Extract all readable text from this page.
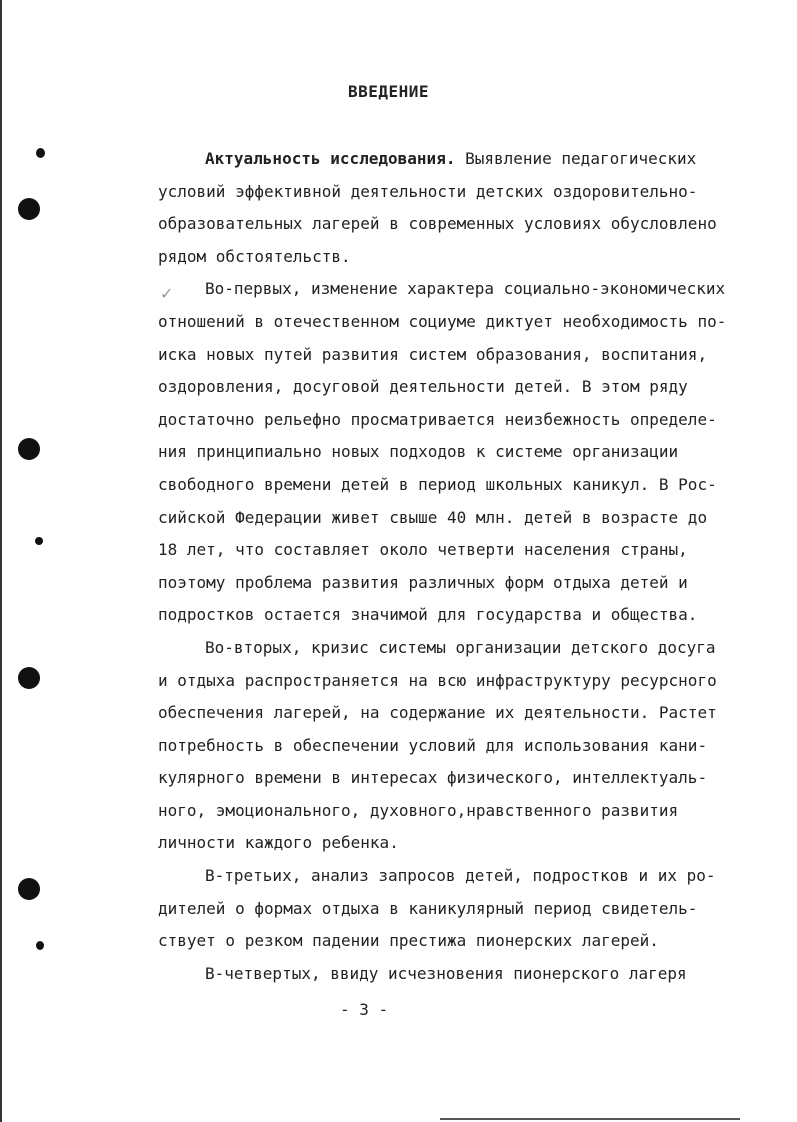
ВВЕДЕНИЕ
✓
Актуальность исследования. Выявление педагогических
условий эффективной деятельности детских оздоровительно-
образовательных лагерей в современных условиях обусловлено
рядом обстоятельств.
Во-первых, изменение характера социально-экономических
отношений в отечественном социуме диктует необходимость по-
иска новых путей развития систем образования, воспитания,
оздоровления, досуговой деятельности детей. В этом ряду
достаточно рельефно просматривается неизбежность определе-
ния принципиально новых подходов к системе организации
свободного времени детей в период школьных каникул. В Рос-
сийской Федерации живет свыше 40 млн. детей в возрасте до
18 лет, что составляет около четверти населения страны,
поэтому проблема развития различных форм отдыха детей и
подростков остается значимой для государства и общества.
Во-вторых, кризис системы организации детского досуга
и отдыха распространяется на всю инфраструктуру ресурсного
обеспечения лагерей, на содержание их деятельности. Растет
потребность в обеспечении условий для использования кани-
кулярного времени в интересах физического, интеллектуаль-
ного, эмоционального, духовного,нравственного развития
личности каждого ребенка.
В-третьих, анализ запросов детей, подростков и их ро-
дителей о формах отдыха в каникулярный период свидетель-
ствует о резком падении престижа пионерских лагерей.
В-четвертых, ввиду исчезновения пионерского лагеря
- 3 -
